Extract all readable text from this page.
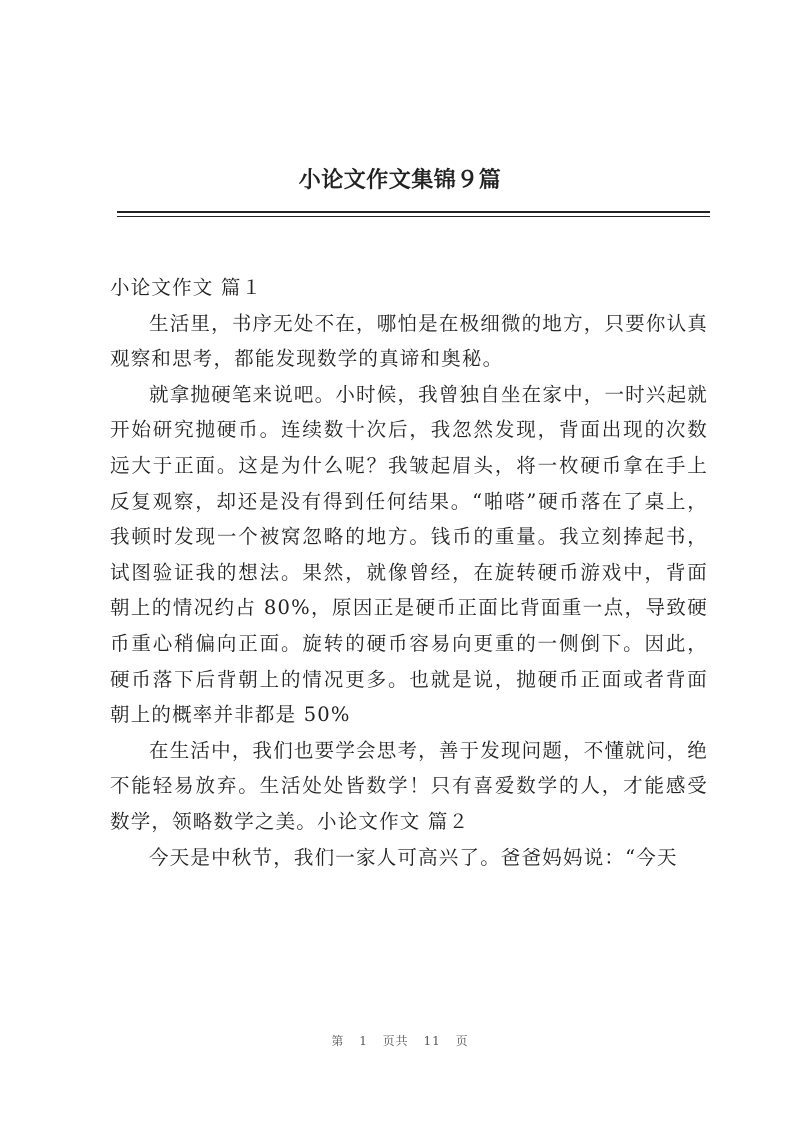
小论文作文集锦９篇

小论文作文 篇１

生活里，书序无处不在，哪怕是在极细微的地方，只要你认真观察和思考，都能发现数学的真谛和奥秘。

就拿抛硬笔来说吧。小时候，我曾独自坐在家中，一时兴起就开始研究抛硬币。连续数十次后，我忽然发现，背面出现的次数远大于正面。这是为什么呢？我皱起眉头，将一枚硬币拿在手上反复观察，却还是没有得到任何结果。“啪嗒”硬币落在了桌上，我顿时发现一个被窝忽略的地方。钱币的重量。我立刻捧起书，试图验证我的想法。果然，就像曾经，在旋转硬币游戏中，背面朝上的情况约占 80%，原因正是硬币正面比背面重一点，导致硬币重心稍偏向正面。旋转的硬币容易向更重的一侧倒下。因此，硬币落下后背朝上的情况更多。也就是说，抛硬币正面或者背面朝上的概率并非都是 50%

在生活中，我们也要学会思考，善于发现问题，不懂就问，绝不能轻易放弃。生活处处皆数学！只有喜爱数学的人，才能感受数学，领略数学之美。小论文作文 篇２

今天是中秋节，我们一家人可高兴了。爸爸妈妈说：“今天

第 1 页共 11 页
